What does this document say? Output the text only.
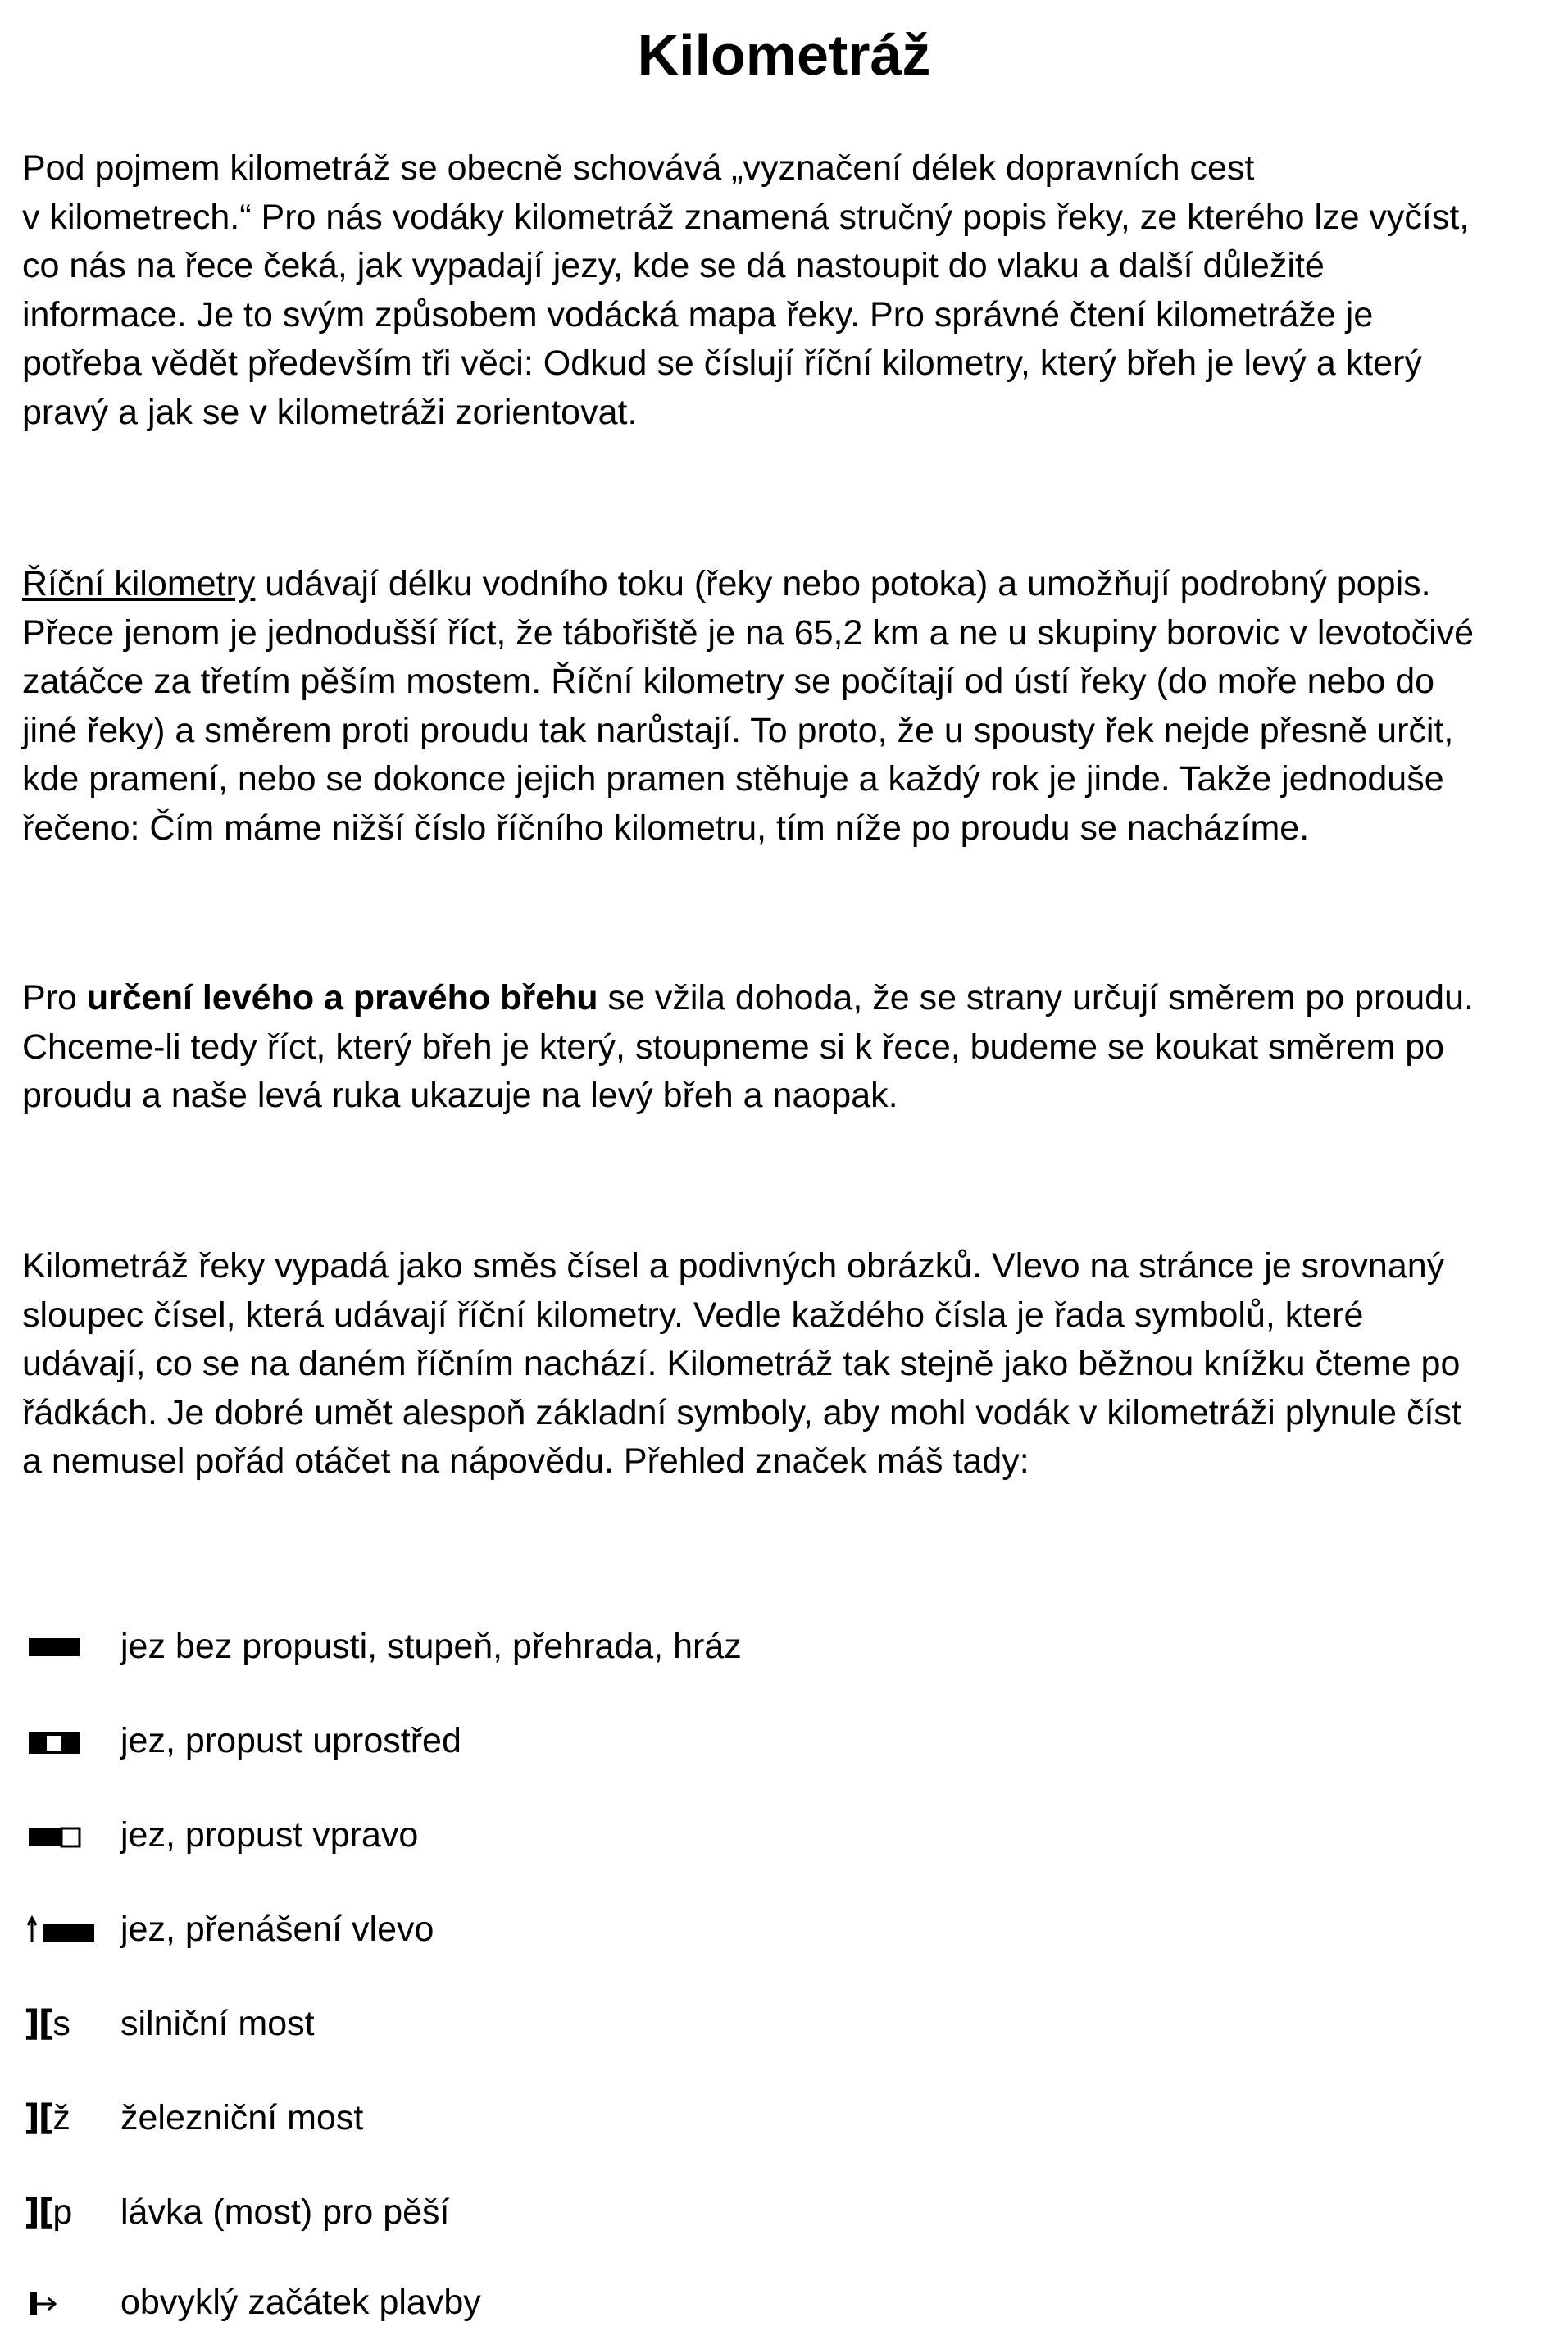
Kilometráž

Pod pojmem kilometráž se obecně schovává „vyznačení délek dopravních cest
v kilometrech.“ Pro nás vodáky kilometráž znamená stručný popis řeky, ze kterého lze vyčíst,
co nás na řece čeká, jak vypadají jezy, kde se dá nastoupit do vlaku a další důležité
informace. Je to svým způsobem vodácká mapa řeky. Pro správné čtení kilometráže je
potřeba vědět především tři věci: Odkud se číslují říční kilometry, který břeh je levý a který
pravý a jak se v kilometráži zorientovat.

Říční kilometry udávají délku vodního toku (řeky nebo potoka) a umožňují podrobný popis.
Přece jenom je jednodušší říct, že tábořiště je na 65,2 km a ne u skupiny borovic v levotočivé
zatáčce za třetím pěším mostem. Říční kilometry se počítají od ústí řeky (do moře nebo do
jiné řeky) a směrem proti proudu tak narůstají. To proto, že u spousty řek nejde přesně určit,
kde pramení, nebo se dokonce jejich pramen stěhuje a každý rok je jinde. Takže jednoduše
řečeno: Čím máme nižší číslo říčního kilometru, tím níže po proudu se nacházíme.

Pro určení levého a pravého břehu se vžila dohoda, že se strany určují směrem po proudu.
Chceme-li tedy říct, který břeh je který, stoupneme si k řece, budeme se koukat směrem po
proudu a naše levá ruka ukazuje na levý břeh a naopak.

Kilometráž řeky vypadá jako směs čísel a podivných obrázků. Vlevo na stránce je srovnaný
sloupec čísel, která udávají říční kilometry. Vedle každého čísla je řada symbolů, které
udávají, co se na daném říčním nachází. Kilometráž tak stejně jako běžnou knížku čteme po
řádkách. Je dobré umět alespoň základní symboly, aby mohl vodák v kilometráži plynule číst
a nemusel pořád otáčet na nápovědu. Přehled značek máš tady:

jez bez propusti, stupeň, přehrada, hráz
jez, propust uprostřed
jez, propust vpravo
jez, přenášení vlevo
][s silniční most
][ž železniční most
][p lávka (most) pro pěší
obvyklý začátek plavby
